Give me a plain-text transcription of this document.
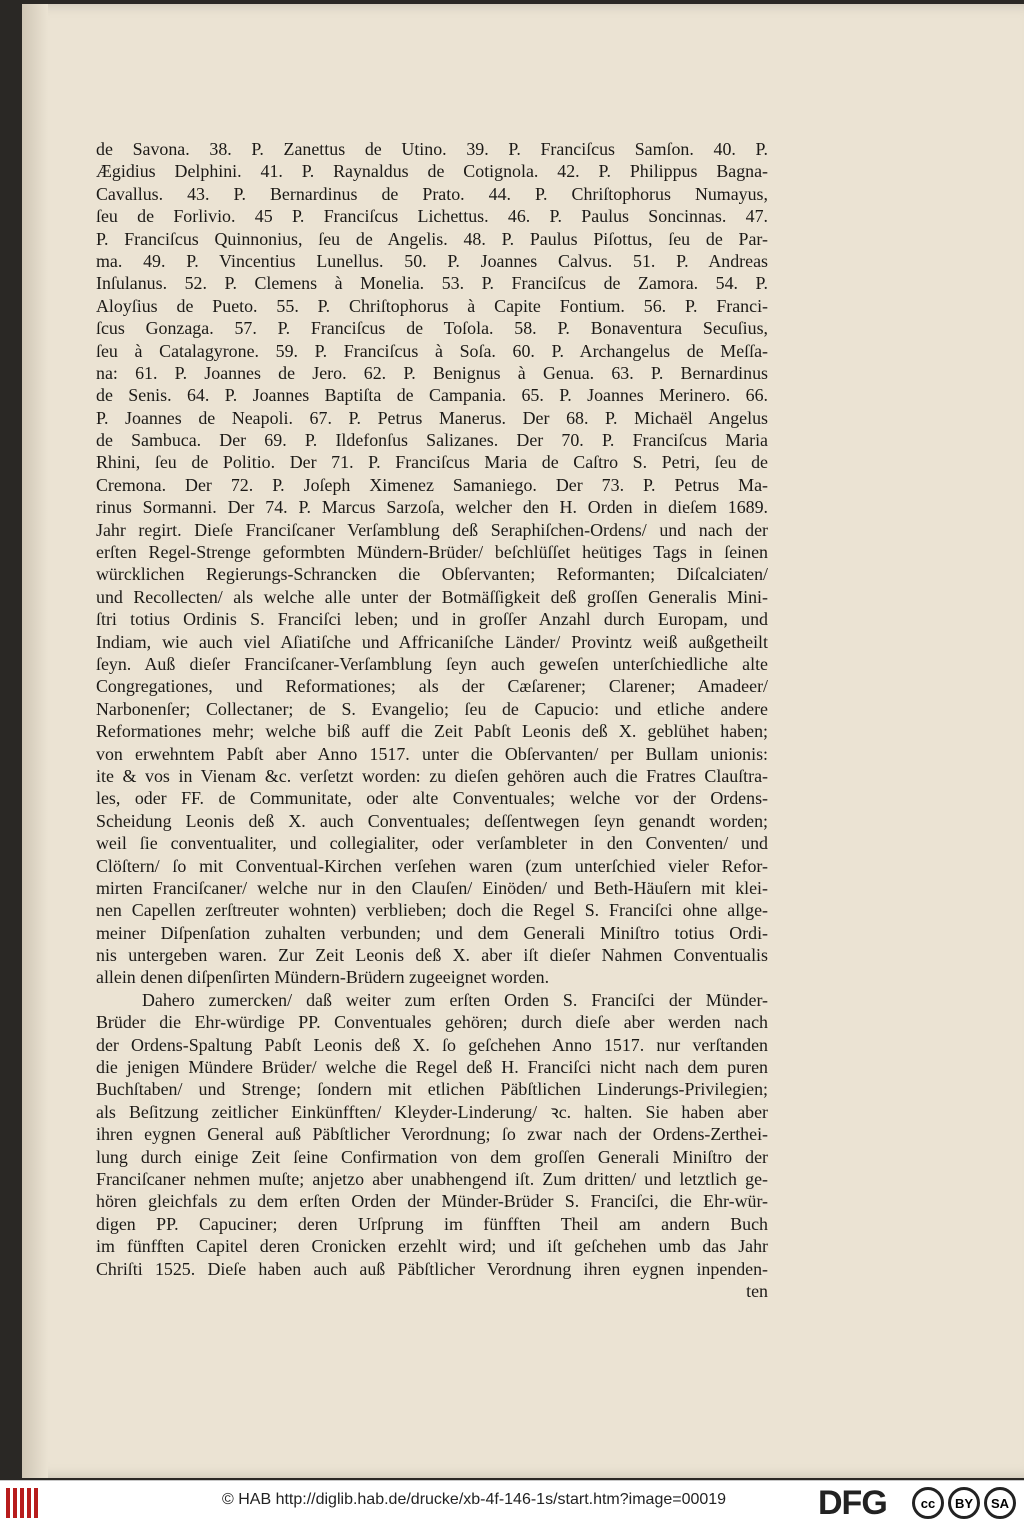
de Savona. 38. P. Zanettus de Utino. 39. P. Franciſcus Samſon. 40. P.
Ægidius Delphini. 41. P. Raynaldus de Cotignola. 42. P. Philippus Bagna-
Cavallus. 43. P. Bernardinus de Prato. 44. P. Chriſtophorus Numayus,
ſeu de Forlivio. 45 P. Franciſcus Lichettus. 46. P. Paulus Soncinnas. 47.
P. Franciſcus Quinnonius, ſeu de Angelis. 48. P. Paulus Piſottus, ſeu de Par-
ma. 49. P. Vincentius Lunellus. 50. P. Joannes Calvus. 51. P. Andreas
Inſulanus. 52. P. Clemens à Monelia. 53. P. Franciſcus de Zamora. 54. P.
Aloyſius de Pueto. 55. P. Chriſtophorus à Capite Fontium. 56. P. Franci-
ſcus Gonzaga. 57. P. Franciſcus de Toſola. 58. P. Bonaventura Secuſius,
ſeu à Catalagyrone. 59. P. Franciſcus à Soſa. 60. P. Archangelus de Meſſa-
na: 61. P. Joannes de Jero. 62. P. Benignus à Genua. 63. P. Bernardinus
de Senis. 64. P. Joannes Baptiſta de Campania. 65. P. Joannes Merinero. 66.
P. Joannes de Neapoli. 67. P. Petrus Manerus. Der 68. P. Michaël Angelus
de Sambuca. Der 69. P. Ildefonſus Salizanes. Der 70. P. Franciſcus Maria
Rhini, ſeu de Politio. Der 71. P. Franciſcus Maria de Caſtro S. Petri, ſeu de
Cremona. Der 72. P. Joſeph Ximenez Samaniego. Der 73. P. Petrus Ma-
rinus Sormanni. Der 74. P. Marcus Sarzoſa, welcher den H. Orden in dieſem 1689.
Jahr regirt. Dieſe Franciſcaner Verſamblung deß Seraphiſchen-Ordens/ und nach der
erſten Regel-Strenge geformbten Mündern-Brüder/ beſchlüſſet heütiges Tags in ſeinen
würcklichen Regierungs-Schrancken die Obſervanten; Reformanten; Diſcalciaten/
und Recollecten/ als welche alle unter der Botmäſſigkeit deß groſſen Generalis Mini-
ſtri totius Ordinis S. Franciſci leben; und in groſſer Anzahl durch Europam, und
Indiam, wie auch viel Aſiatiſche und Affricaniſche Länder/ Provintz weiß außgetheilt
ſeyn. Auß dieſer Franciſcaner-Verſamblung ſeyn auch geweſen unterſchiedliche alte
Congregationes, und Reformationes; als der Cæſarener; Clarener; Amadeer/
Narbonenſer; Collectaner; de S. Evangelio; ſeu de Capucio: und etliche andere
Reformationes mehr; welche biß auff die Zeit Pabſt Leonis deß X. geblühet haben;
von erwehntem Pabſt aber Anno 1517. unter die Obſervanten/ per Bullam unionis:
ite & vos in Vienam &c. verſetzt worden: zu dieſen gehören auch die Fratres Clauſtra-
les, oder FF. de Communitate, oder alte Conventuales; welche vor der Ordens-
Scheidung Leonis deß X. auch Conventuales; deſſentwegen ſeyn genandt worden;
weil ſie conventualiter, und collegialiter, oder verſambleter in den Conventen/ und
Clöſtern/ ſo mit Conventual-Kirchen verſehen waren (zum unterſchied vieler Refor-
mirten Franciſcaner/ welche nur in den Clauſen/ Einöden/ und Beth-Häuſern mit klei-
nen Capellen zerſtreuter wohnten) verblieben; doch die Regel S. Franciſci ohne allge-
meiner Diſpenſation zuhalten verbunden; und dem Generali Miniſtro totius Ordi-
nis untergeben waren. Zur Zeit Leonis deß X. aber iſt dieſer Nahmen Conventualis
allein denen diſpenſirten Mündern-Brüdern zugeeignet worden.
Dahero zumercken/ daß weiter zum erſten Orden S. Franciſci der Münder-
Brüder die Ehr-würdige PP. Conventuales gehören; durch dieſe aber werden nach
der Ordens-Spaltung Pabſt Leonis deß X. ſo geſchehen Anno 1517. nur verſtanden
die jenigen Mündere Brüder/ welche die Regel deß H. Franciſci nicht nach dem puren
Buchſtaben/ und Strenge; ſondern mit etlichen Päbſtlichen Linderungs-Privilegien;
als Beſitzung zeitlicher Einkünfften/ Kleyder-Linderung/ ꝛc. halten. Sie haben aber
ihren eygnen General auß Päbſtlicher Verordnung; ſo zwar nach der Ordens-Zerthei-
lung durch einige Zeit ſeine Confirmation von dem groſſen Generali Miniſtro der
Franciſcaner nehmen muſte; anjetzo aber unabhengend iſt. Zum dritten/ und letztlich ge-
hören gleichfals zu dem erſten Orden der Münder-Brüder S. Franciſci, die Ehr-wür-
digen PP. Capuciner; deren Urſprung im fünfften Theil am andern Buch
im fünfften Capitel deren Cronicken erzehlt wird; und iſt geſchehen umb das Jahr
Chriſti 1525. Dieſe haben auch auß Päbſtlicher Verordnung ihren eygnen inpenden-
ten
© HAB http://diglib.hab.de/drucke/xb-4f-146-1s/start.htm?image=00019	DFG	cc	BY	SA
